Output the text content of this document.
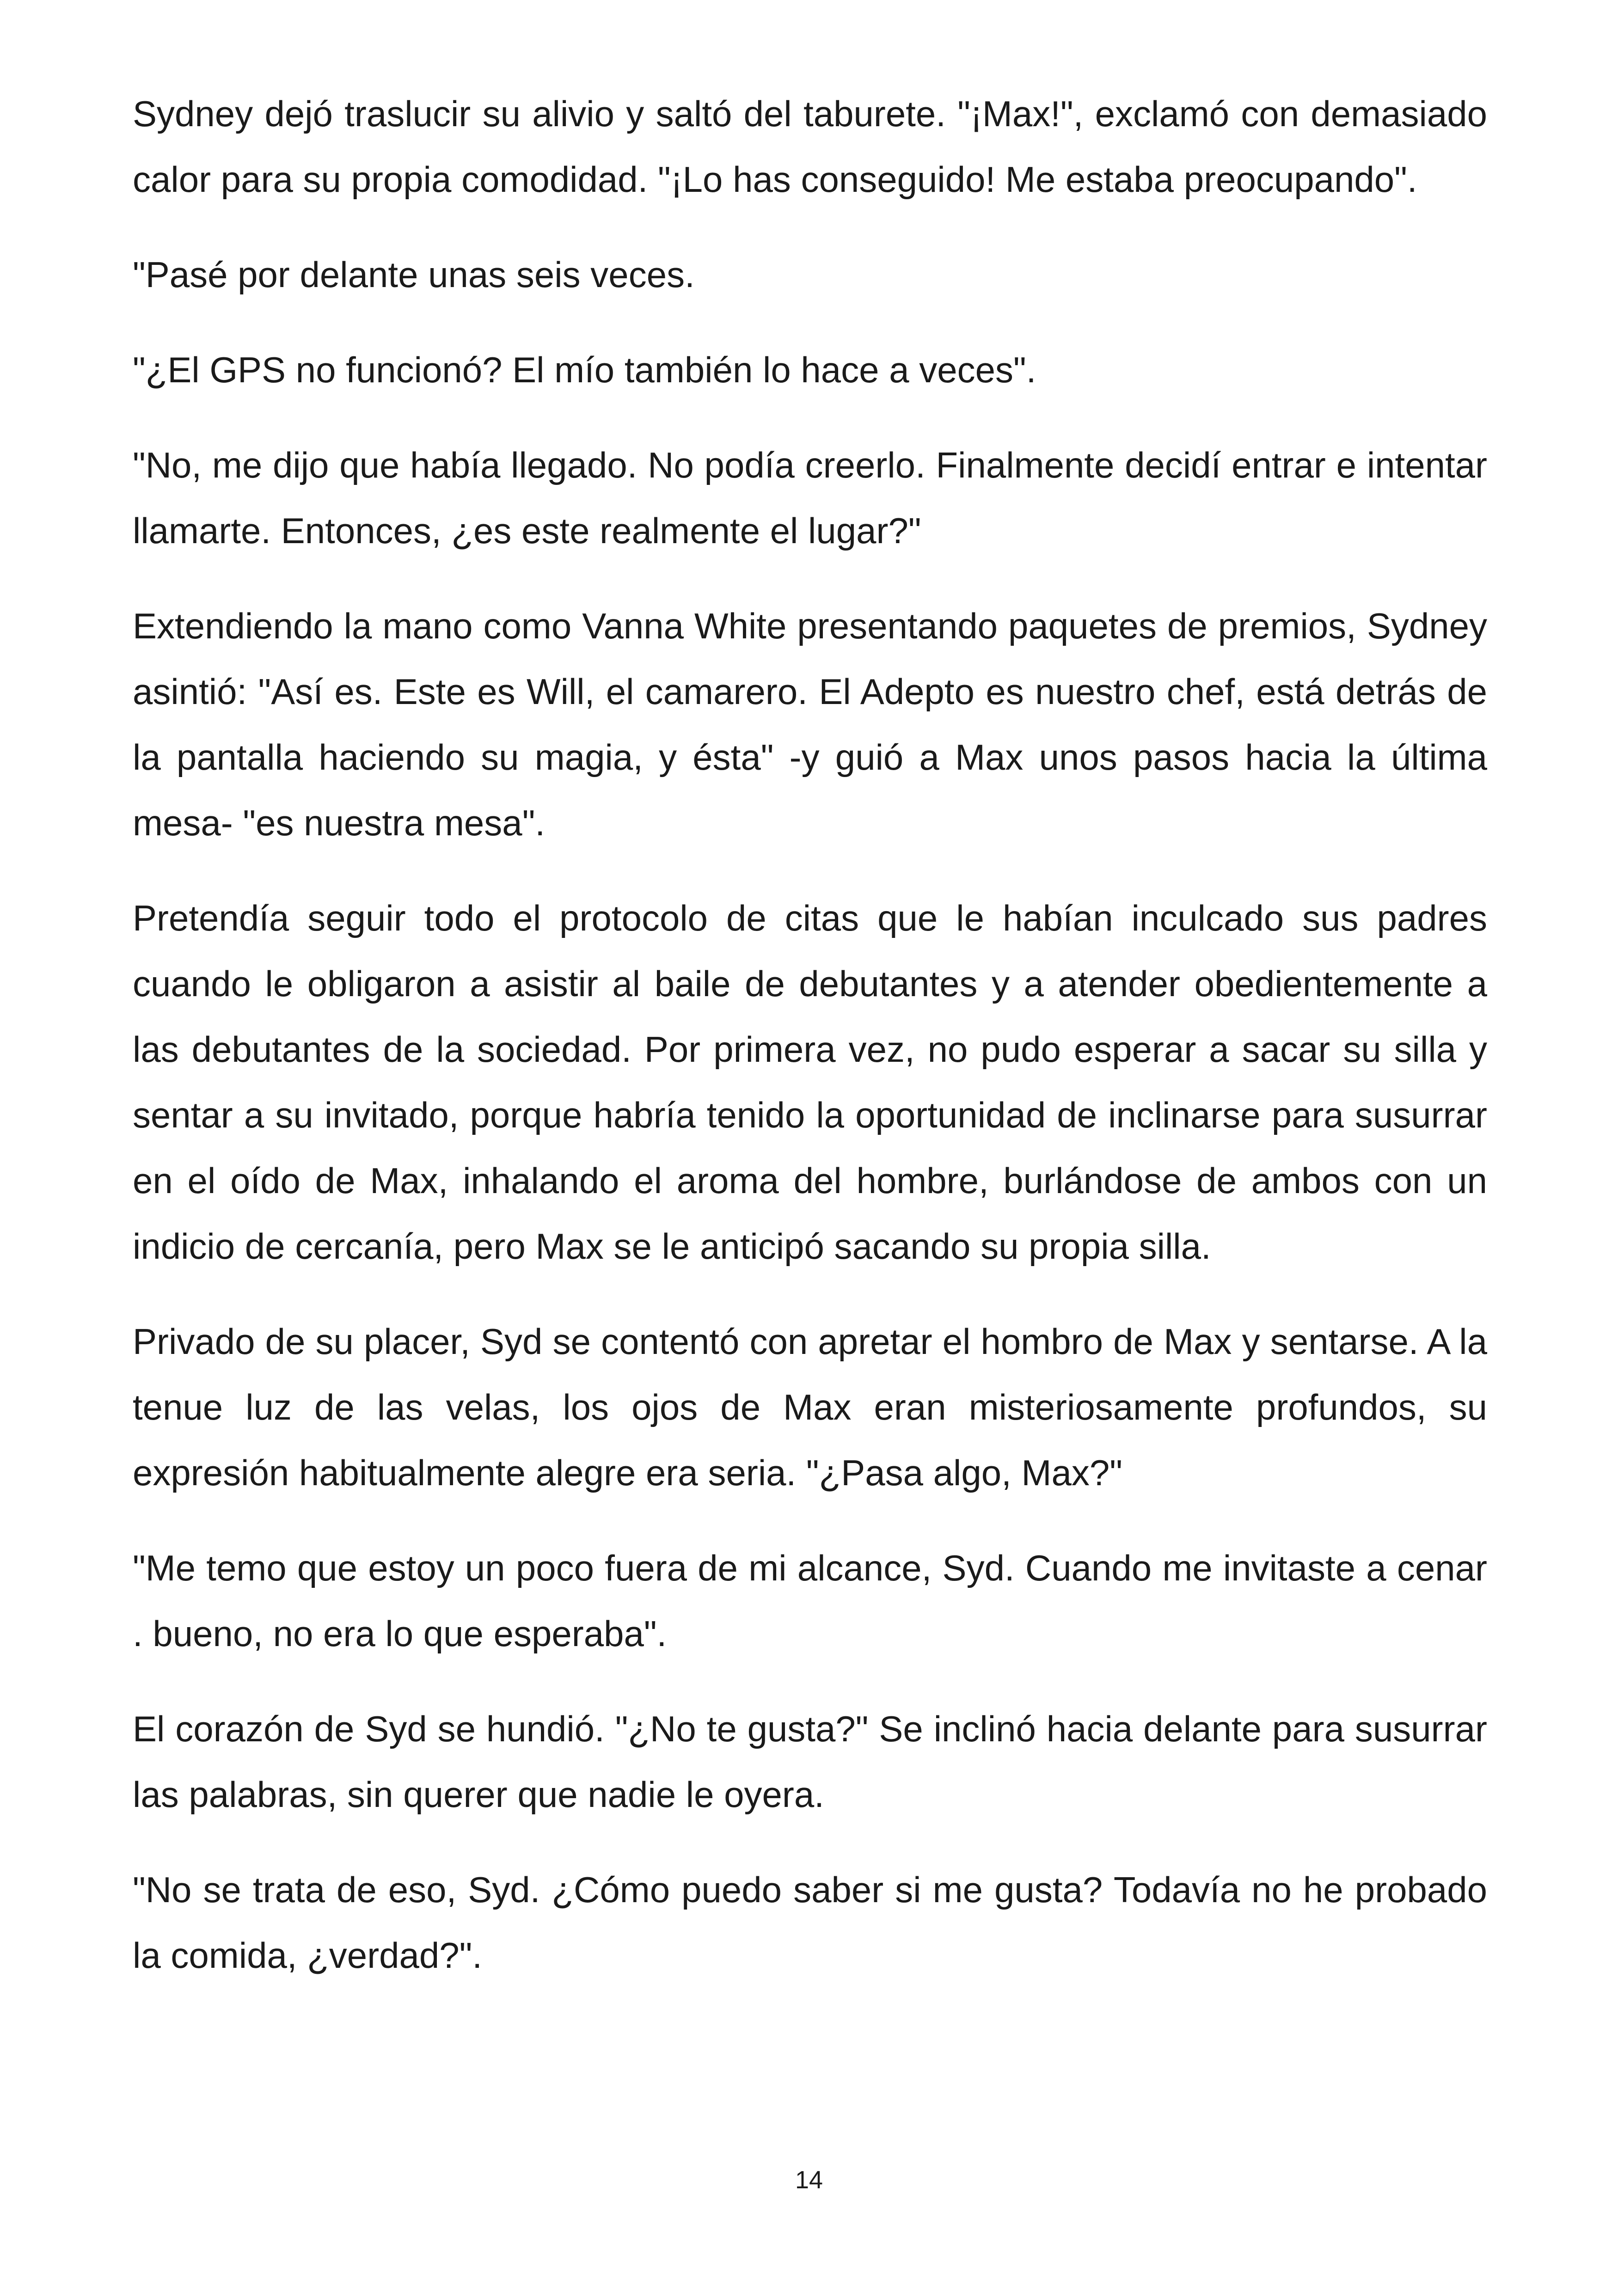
Sydney dejó traslucir su alivio y saltó del taburete. "¡Max!", exclamó con demasiado calor para su propia comodidad. "¡Lo has conseguido! Me estaba preocupando".

"Pasé por delante unas seis veces.

"¿El GPS no funcionó? El mío también lo hace a veces".

"No, me dijo que había llegado. No podía creerlo. Finalmente decidí entrar e intentar llamarte. Entonces, ¿es este realmente el lugar?"

Extendiendo la mano como Vanna White presentando paquetes de premios, Sydney asintió: "Así es. Este es Will, el camarero. El Adepto es nuestro chef, está detrás de la pantalla haciendo su magia, y ésta" -y guió a Max unos pasos hacia la última mesa- "es nuestra mesa".

Pretendía seguir todo el protocolo de citas que le habían inculcado sus padres cuando le obligaron a asistir al baile de debutantes y a atender obedientemente a las debutantes de la sociedad. Por primera vez, no pudo esperar a sacar su silla y sentar a su invitado, porque habría tenido la oportunidad de inclinarse para susurrar en el oído de Max, inhalando el aroma del hombre, burlándose de ambos con un indicio de cercanía, pero Max se le anticipó sacando su propia silla.

Privado de su placer, Syd se contentó con apretar el hombro de Max y sentarse. A la tenue luz de las velas, los ojos de Max eran misteriosamente profundos, su expresión habitualmente alegre era seria. "¿Pasa algo, Max?"

"Me temo que estoy un poco fuera de mi alcance, Syd. Cuando me invitaste a cenar . bueno, no era lo que esperaba".

El corazón de Syd se hundió. "¿No te gusta?" Se inclinó hacia delante para susurrar las palabras, sin querer que nadie le oyera.

"No se trata de eso, Syd. ¿Cómo puedo saber si me gusta? Todavía no he probado la comida, ¿verdad?".

14
